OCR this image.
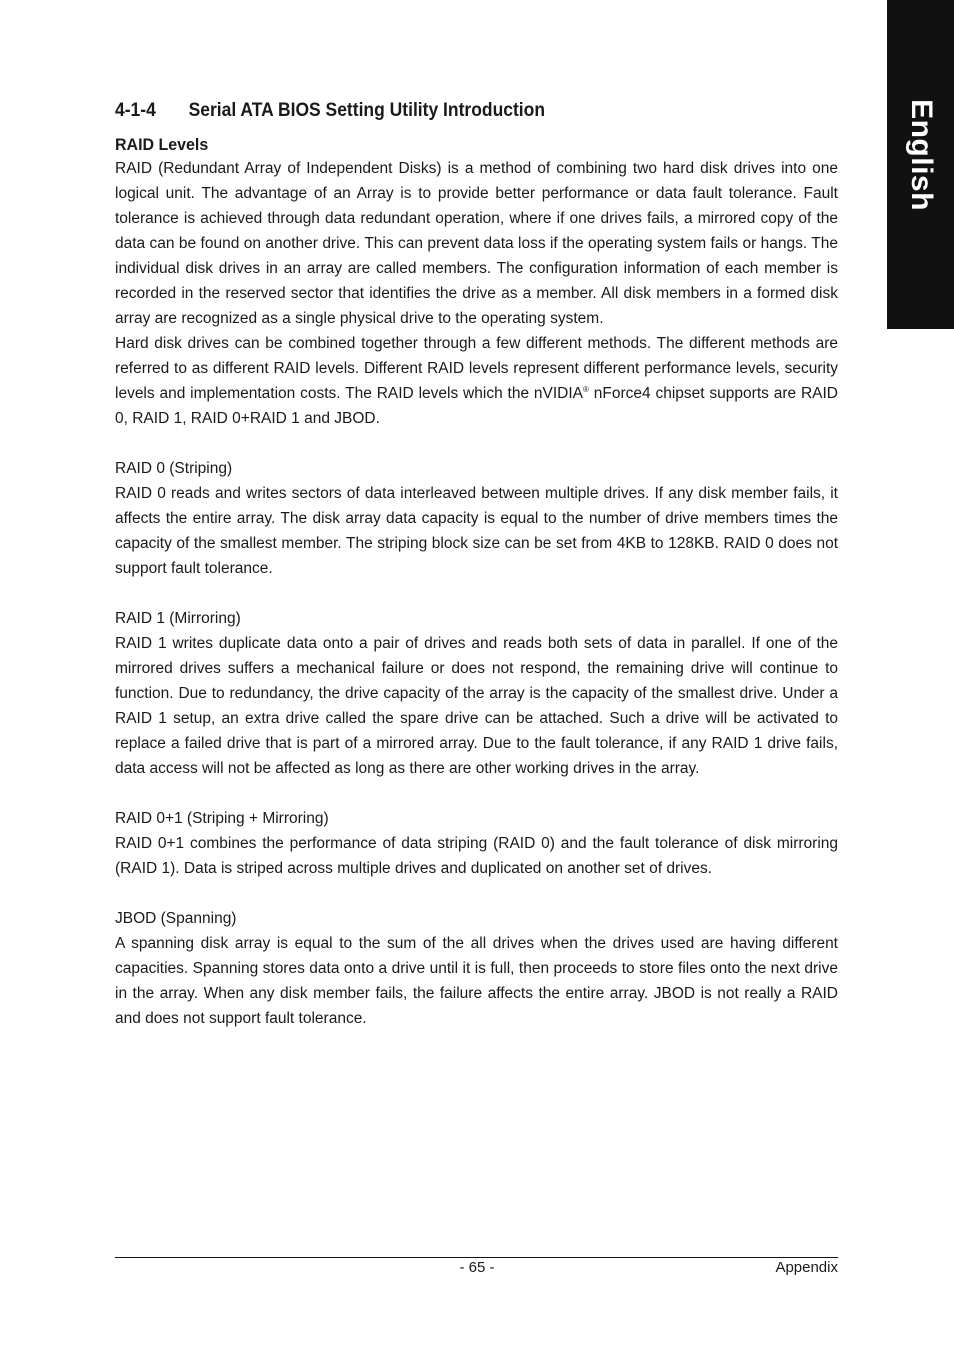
English
4-1-4 Serial ATA BIOS Setting Utility Introduction
RAID Levels

RAID (Redundant Array of Independent Disks) is a method of combining two hard disk drives into one logical unit. The advantage of an Array is to provide better performance or data fault tolerance. Fault tolerance is achieved through data redundant operation, where if one drives fails, a mirrored copy of the data can be found on another drive. This can prevent data loss if the operating system fails or hangs. The individual disk drives in an array are called members. The configuration information of each member is recorded in the reserved sector that identifies the drive as a member. All disk members in a formed disk array are recognized as a single physical drive to the operating system.

Hard disk drives can be combined together through a few different methods. The different methods are referred to as different RAID levels. Different RAID levels represent different performance levels, security levels and implementation costs. The RAID levels which the nVIDIA® nForce4 chipset supports are RAID 0, RAID 1, RAID 0+RAID 1 and JBOD.

RAID 0 (Striping)

RAID 0 reads and writes sectors of data interleaved between multiple drives. If any disk member fails, it affects the entire array. The disk array data capacity is equal to the number of drive members times the capacity of the smallest member. The striping block size can be set from 4KB to 128KB. RAID 0 does not support fault tolerance.

RAID 1 (Mirroring)

RAID 1 writes duplicate data onto a pair of drives and reads both sets of data in parallel. If one of the mirrored drives suffers a mechanical failure or does not respond, the remaining drive will continue to function. Due to redundancy, the drive capacity of the array is the capacity of the smallest drive. Under a RAID 1 setup, an extra drive called the spare drive can be attached. Such a drive will be activated to replace a failed drive that is part of a mirrored array. Due to the fault tolerance, if any RAID 1 drive fails, data access will not be affected as long as there are other working drives in the array.

RAID 0+1 (Striping + Mirroring)

RAID 0+1 combines the performance of data striping (RAID 0) and the fault tolerance of disk mirroring (RAID 1). Data is striped across multiple drives and duplicated on another set of drives.

JBOD (Spanning)

A spanning disk array is equal to the sum of the all drives when the drives used are having different capacities. Spanning stores data onto a drive until it is full, then proceeds to store files onto the next drive in the array. When any disk member fails, the failure affects the entire array. JBOD is not really a RAID and does not support fault tolerance.

- 65 -	Appendix
